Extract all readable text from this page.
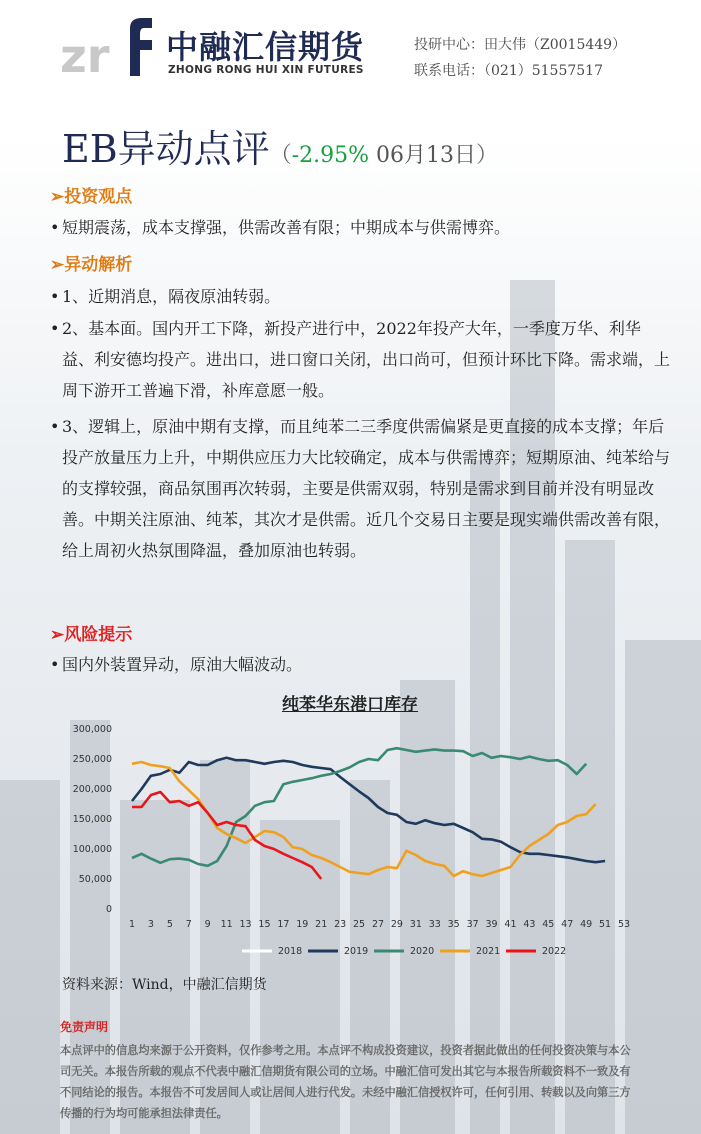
zr 中融汇信期货
ZHONG RONG HUI XIN FUTURES
投研中心：田大伟（Z0015449）
联系电话：（021）51557517
EB异动点评（-2.95% 06月13日）
➢投资观点
• 短期震荡，成本支撑强，供需改善有限；中期成本与供需博弈。
➢异动解析
• 1、近期消息，隔夜原油转弱。
• 2、基本面。国内开工下降，新投产进行中，2022年投产大年，一季度万华、利华益、利安德均投产。进出口，进口窗口关闭，出口尚可，但预计环比下降。需求端，上周下游开工普遍下滑，补库意愿一般。
• 3、逻辑上，原油中期有支撑，而且纯苯二三季度供需偏紧是更直接的成本支撑；年后投产放量压力上升，中期供应压力大比较确定，成本与供需博弈；短期原油、纯苯给与的支撑较强，商品氛围再次转弱，主要是供需双弱，特别是需求到目前并没有明显改善。中期关注原油、纯苯，其次才是供需。近几个交易日主要是现实端供需改善有限，给上周初火热氛围降温，叠加原油也转弱。
➢风险提示
• 国内外装置异动，原油大幅波动。
纯苯华东港口库存
0
50,000
100,000
150,000
200,000
250,000
300,000
1 3 5 7 9 11 13 15 17 19 21 23 25 27 29 31 33 35 37 39 41 43 45 47 49 51 53
2018	2019	2020	2021	2022
资料来源：Wind，中融汇信期货
免责声明
本点评中的信息均来源于公开资料，仅作参考之用。本点评不构成投资建议，投资者据此做出的任何投资决策与本公司无关。本报告所载的观点不代表中融汇信期货有限公司的立场。中融汇信可发出其它与本报告所载资料不一致及有不同结论的报告。本报告不可发居间人或让居间人进行代发。未经中融汇信授权许可，任何引用、转载以及向第三方传播的行为均可能承担法律责任。
